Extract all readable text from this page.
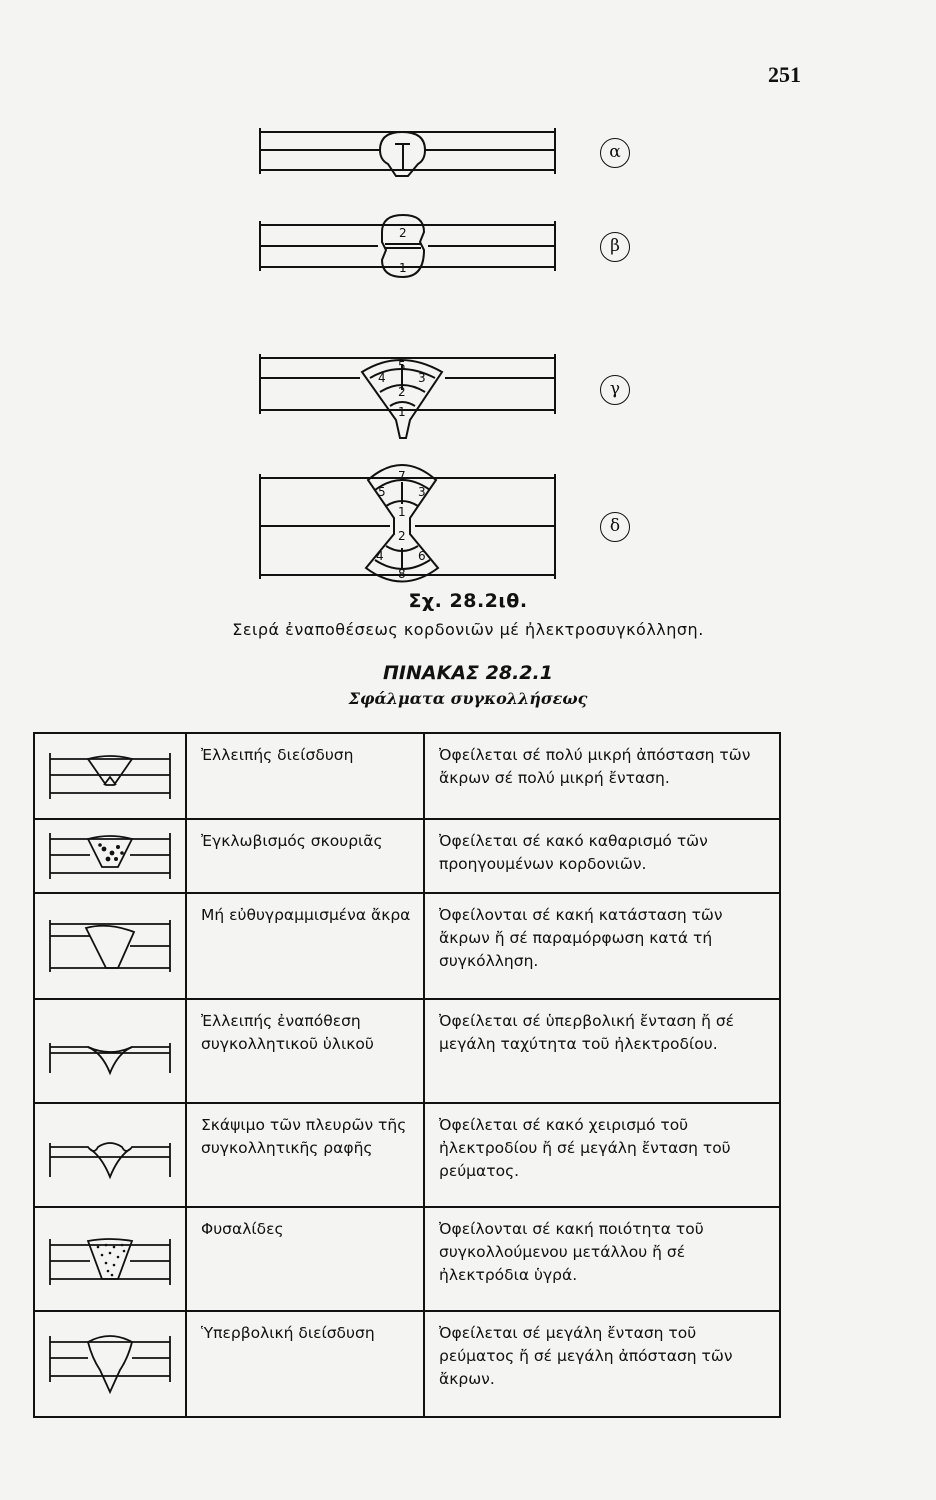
251
2
1
5
4	3
2
1
7
5	3
1
2
4	6
8
α
β
γ
δ
Σχ. 28.2ιθ.
Σειρά ἐναποθέσεως κορδονιῶν μέ ἠλεκτροσυγκόλληση.
ΠΙΝΑΚΑΣ 28.2.1
Σφάλματα συγκολλήσεως
	Ἐλλειπής διείσδυση	Ὀφείλεται σέ πολύ μικρή ἀπόσταση τῶν ἄκρων σέ πολύ μικρή ἔνταση.

	Ἐγκλωβισμός σκουριᾶς	Ὀφείλεται σέ κακό καθαρισμό τῶν προηγουμένων κορδονιῶν.

	Μή εὐθυγραμμισμένα ἄκρα	Ὀφείλονται σέ κακή κατάσταση τῶν ἄκρων ἤ σέ παραμόρφωση κατά τή συγκόλληση.

	Ἐλλειπής ἐναπόθεση συγκολλητικοῦ ὑλικοῦ	Ὀφείλεται σέ ὑπερβολική ἔνταση ἤ σέ μεγάλη ταχύτητα τοῦ ἠλεκτροδίου.

	Σκάψιμο τῶν πλευρῶν τῆς συγκολλητικῆς ραφῆς	Ὀφείλεται σέ κακό χειρισμό τοῦ ἠλεκτροδίου ἤ σέ μεγάλη ἔνταση τοῦ ρεύματος.

	Φυσαλίδες	Ὀφείλονται σέ κακή ποιότητα τοῦ συγκολλούμενου μετάλλου ἤ σέ ἠλεκτρόδια ὑγρά.

	Ὑπερβολική διείσδυση	Ὀφείλεται σέ μεγάλη ἔνταση τοῦ ρεύματος ἤ σέ μεγάλη ἀπόσταση τῶν ἄκρων.
